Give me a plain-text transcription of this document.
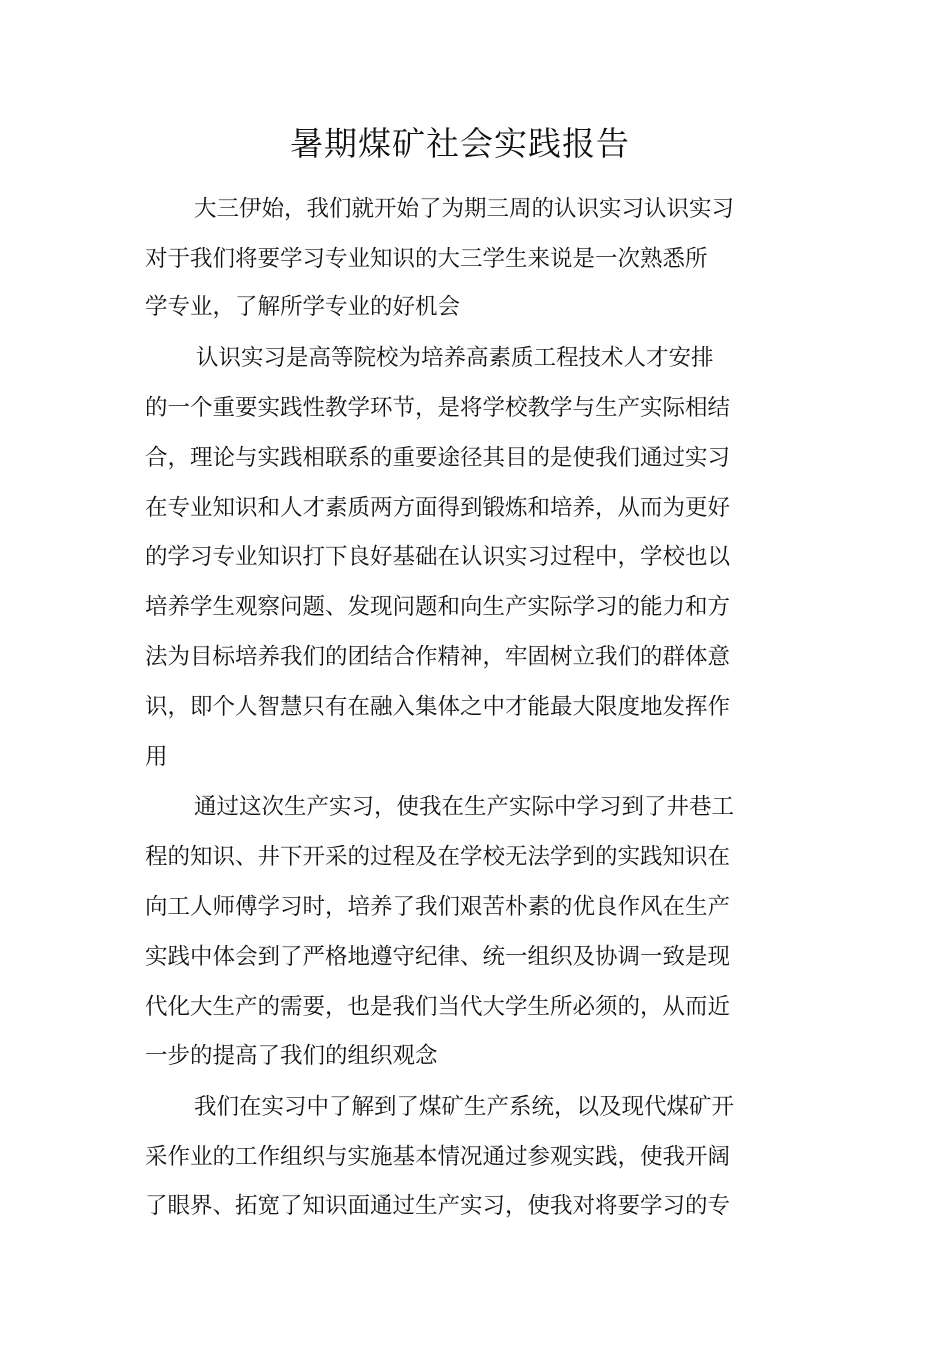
暑期煤矿社会实践报告
大三伊始，我们就开始了为期三周的认识实习认识实习
对于我们将要学习专业知识的大三学生来说是一次熟悉所
学专业，了解所学专业的好机会
认识实习是高等院校为培养高素质工程技术人才安排
的一个重要实践性教学环节，是将学校教学与生产实际相结
合，理论与实践相联系的重要途径其目的是使我们通过实习
在专业知识和人才素质两方面得到锻炼和培养，从而为更好
的学习专业知识打下良好基础在认识实习过程中，学校也以
培养学生观察问题、发现问题和向生产实际学习的能力和方
法为目标培养我们的团结合作精神，牢固树立我们的群体意
识，即个人智慧只有在融入集体之中才能最大限度地发挥作
用
通过这次生产实习，使我在生产实际中学习到了井巷工
程的知识、井下开采的过程及在学校无法学到的实践知识在
向工人师傅学习时，培养了我们艰苦朴素的优良作风在生产
实践中体会到了严格地遵守纪律、统一组织及协调一致是现
代化大生产的需要，也是我们当代大学生所必须的，从而近
一步的提高了我们的组织观念
我们在实习中了解到了煤矿生产系统，以及现代煤矿开
采作业的工作组织与实施基本情况通过参观实践，使我开阔
了眼界、拓宽了知识面通过生产实习，使我对将要学习的专
